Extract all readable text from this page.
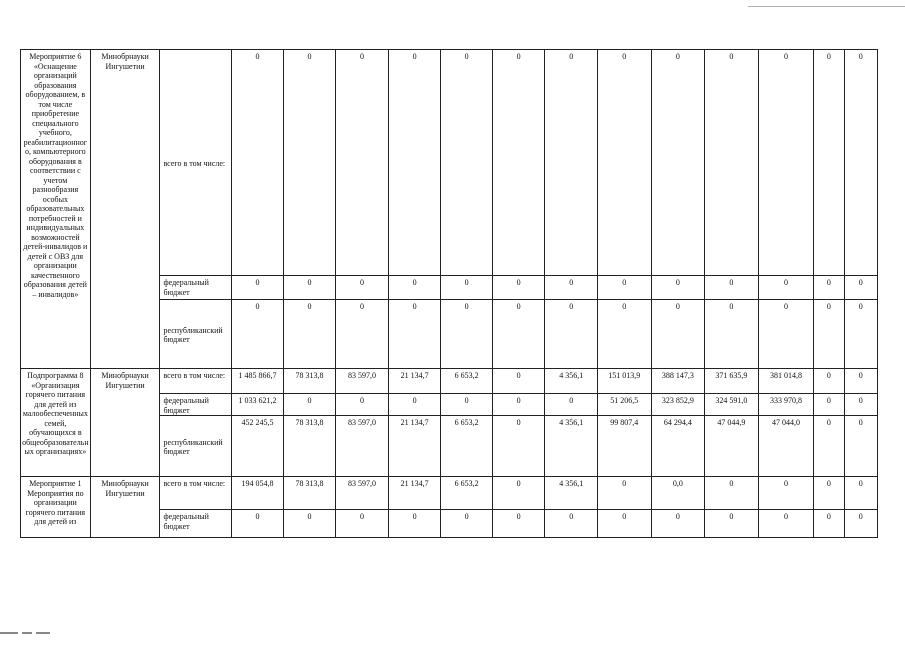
Мероприятие 6 «Оснащение организаций образования оборудованием, в том числе приобретение специального учебного, реабилитационного, компьютерного оборудования в соответствии с учетом разнообразия особых образовательных потребностей и индивидуальных возможностей детей-инвалидов и детей с ОВЗ для организации качественного образования детей – инвалидов»	Минобрнауки Ингушетии	всего в том числе:	0	0	0	0	0	0	0	0	0	0	0	0	0
		федеральный бюджет	0	0	0	0	0	0	0	0	0	0	0	0	0
		республиканский бюджет	0	0	0	0	0	0	0	0	0	0	0	0	0
Подпрограмма 8 «Организация горячего питания для детей из малообеспеченных семей, обучающихся в общеобразовательных организациях»	Минобрнауки Ингушетии	всего в том числе:	1 485 866,7	78 313,8	83 597,0	21 134,7	6 653,2	0	4 356,1	151 013,9	388 147,3	371 635,9	381 014,8	0	0
		федеральный бюджет	1 033 621,2	0	0	0	0	0	0	51 206,5	323 852,9	324 591,0	333 970,8	0	0
		республиканский бюджет	452 245,5	78 313,8	83 597,0	21 134,7	6 653,2	0	4 356,1	99 807,4	64 294,4	47 044,9	47 044,0	0	0
Мероприятие 1 Мероприятия по организации горячего питания для детей из	Минобрнауки Ингушетии	всего в том числе:	194 054,8	78 313,8	83 597,0	21 134,7	6 653,2	0	4 356,1	0	0,0	0	0	0	0
		федеральный бюджет	0	0	0	0	0	0	0	0	0	0	0	0	0
